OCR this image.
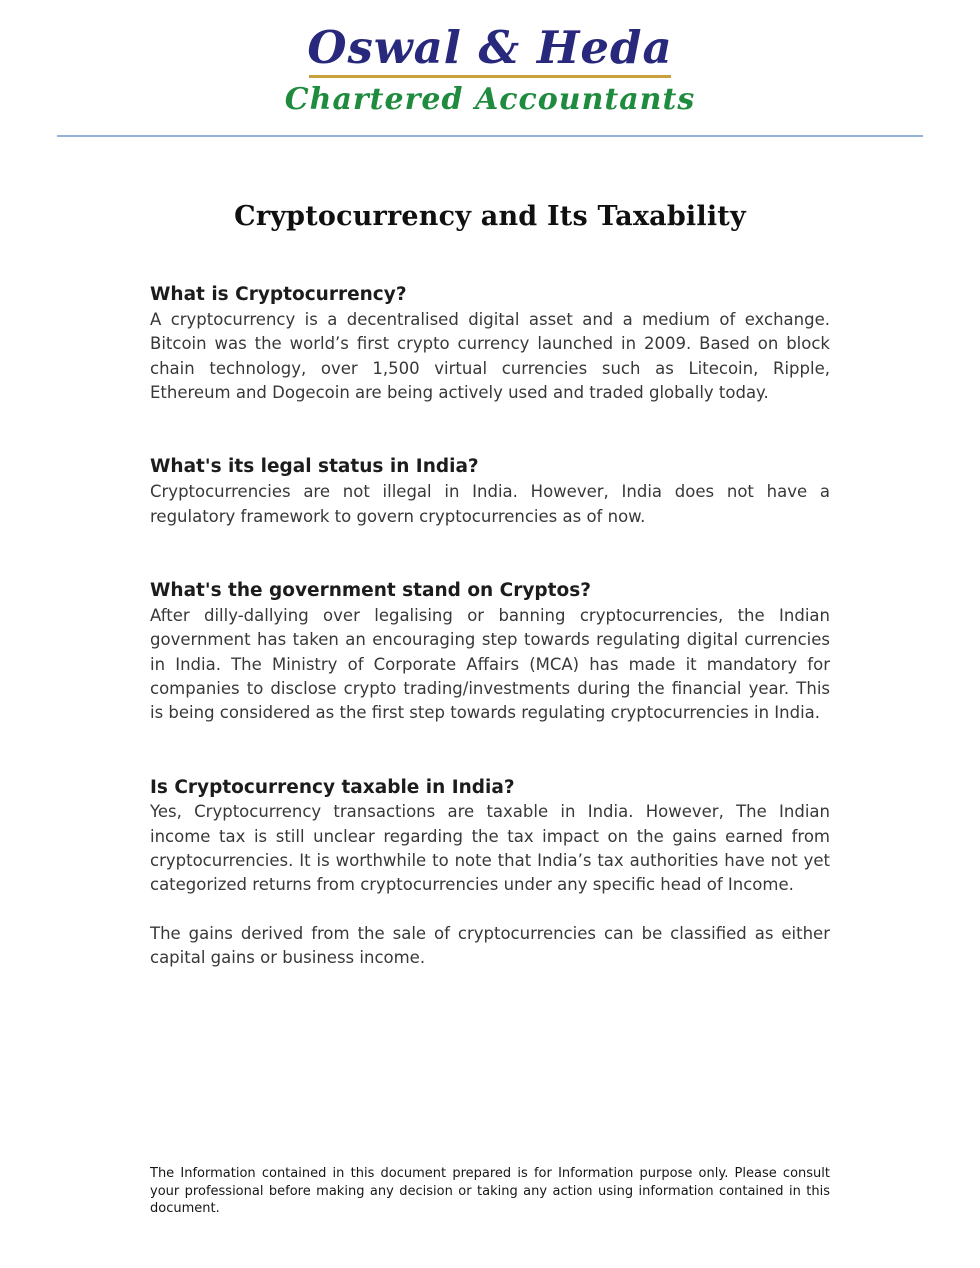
Oswal & Heda
Chartered Accountants
Cryptocurrency and Its Taxability
What is Cryptocurrency?

A cryptocurrency is a decentralised digital asset and a medium of exchange. Bitcoin was the world’s first crypto currency launched in 2009. Based on block chain technology, over 1,500 virtual currencies such as Litecoin, Ripple, Ethereum and Dogecoin are being actively used and traded globally today.

What's its legal status in India?

Cryptocurrencies are not illegal in India. However, India does not have a regulatory framework to govern cryptocurrencies as of now.

What's the government stand on Cryptos?

After dilly-dallying over legalising or banning cryptocurrencies, the Indian government has taken an encouraging step towards regulating digital currencies in India. The Ministry of Corporate Affairs (MCA) has made it mandatory for companies to disclose crypto trading/investments during the financial year. This is being considered as the first step towards regulating cryptocurrencies in India.

Is Cryptocurrency taxable in India?

Yes, Cryptocurrency transactions are taxable in India. However, The Indian income tax is still unclear regarding the tax impact on the gains earned from cryptocurrencies. It is worthwhile to note that India’s tax authorities have not yet categorized returns from cryptocurrencies under any specific head of Income.

The gains derived from the sale of cryptocurrencies can be classified as either capital gains or business income.

The Information contained in this document prepared is for Information purpose only. Please consult your professional before making any decision or taking any action using information contained in this document.
